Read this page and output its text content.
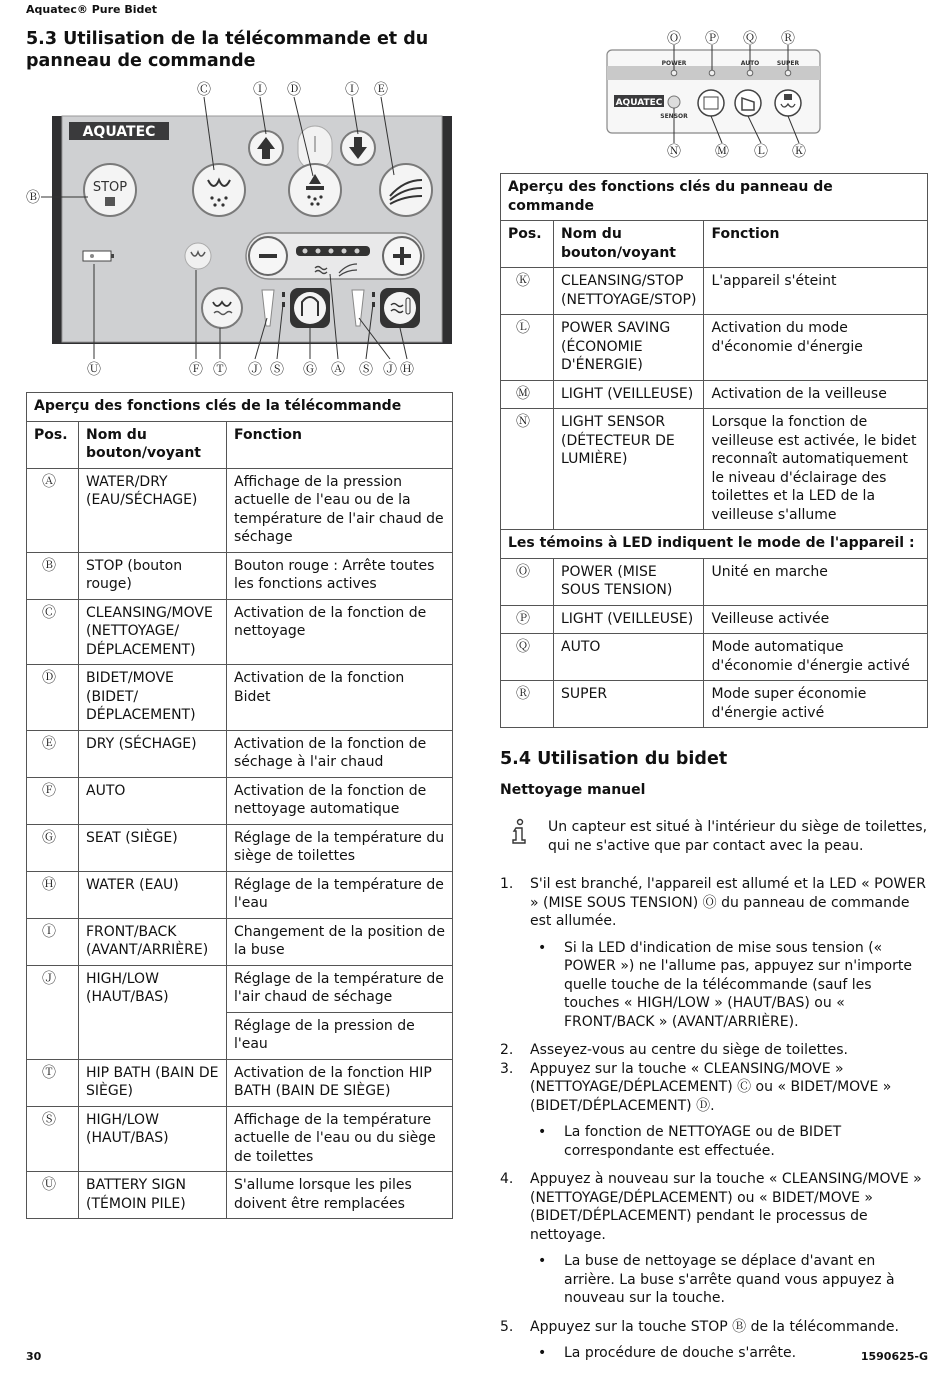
Aquatec® Pure Bidet
5.3 Utilisation de la télécommande et du panneau de commande
AQUATEC
STOP
Ⓒ	Ⓘ Ⓓ	Ⓘ Ⓔ
Ⓑ
Ⓤ	Ⓕ Ⓣ Ⓙ Ⓢ Ⓖ Ⓐ Ⓢ Ⓙ Ⓗ
AQUATEC
SENSOR
POWER	AUTO	SUPER
Ⓞ Ⓟ Ⓠ Ⓡ
Ⓝ Ⓜ Ⓛ Ⓚ
Aperçu des fonctions clés de la télécommande		
Pos.	Nom du bouton/voyant	Fonction
Ⓐ	WATER/DRY (EAU/SÉCHAGE)	Affichage de la pression actuelle de l'eau ou de la température de l'air chaud de séchage
Ⓑ	STOP (bouton rouge)	Bouton rouge : Arrête toutes les fonctions actives
Ⓒ	CLEANSING/MOVE (NETTOYAGE/ DÉPLACEMENT)	Activation de la fonction de nettoyage
Ⓓ	BIDET/MOVE (BIDET/ DÉPLACEMENT)	Activation de la fonction Bidet
Ⓔ	DRY (SÉCHAGE)	Activation de la fonction de séchage à l'air chaud
Ⓕ	AUTO	Activation de la fonction de nettoyage automatique
Ⓖ	SEAT (SIÈGE)	Réglage de la température du siège de toilettes
Ⓗ	WATER (EAU)	Réglage de la température de l'eau
Ⓘ	FRONT/BACK (AVANT/ARRIÈRE)	Changement de la position de la buse
Ⓙ	HIGH/LOW (HAUT/BAS)	Réglage de la température de l'air chaud de séchage
		Réglage de la pression de l'eau
Ⓣ	HIP BATH (BAIN DE SIÈGE)	Activation de la fonction HIP BATH (BAIN DE SIÈGE)
Ⓢ	HIGH/LOW (HAUT/BAS)	Affichage de la température actuelle de l'eau ou du siège de toilettes
Ⓤ	BATTERY SIGN (TÉMOIN PILE)	S'allume lorsque les piles doivent être remplacées
Aperçu des fonctions clés du panneau de commande		
Pos.	Nom du bouton/voyant	Fonction
Ⓚ	CLEANSING/STOP (NETTOYAGE/STOP)	L'appareil s'éteint
Ⓛ	POWER SAVING (ÉCONOMIE D'ÉNERGIE)	Activation du mode d'économie d'énergie
Ⓜ	LIGHT (VEILLEUSE)	Activation de la veilleuse
Ⓝ	LIGHT SENSOR (DÉTECTEUR DE LUMIÈRE)	Lorsque la fonction de veilleuse est activée, le bidet reconnaît automatiquement le niveau d'éclairage des toilettes et la LED de la veilleuse s'allume
Les témoins à LED indiquent le mode de l'appareil :		
Ⓞ	POWER (MISE SOUS TENSION)	Unité en marche
Ⓟ	LIGHT (VEILLEUSE)	Veilleuse activée
Ⓠ	AUTO	Mode automatique d'économie d'énergie activé
Ⓡ	SUPER	Mode super économie d'énergie activé
5.4 Utilisation du bidet

Nettoyage manuel

Un capteur est situé à l'intérieur du siège de toilettes, qui ne s'active que par contact avec la peau.
1. S'il est branché, l'appareil est allumé et la LED « POWER » (MISE SOUS TENSION) Ⓞ du panneau de commande est allumée.
• Si la LED d'indication de mise sous tension (« POWER ») ne l'allume pas, appuyez sur n'importe quelle touche de la télécommande (sauf les touches « HIGH/LOW » (HAUT/BAS) ou « FRONT/BACK » (AVANT/ARRIÈRE).
2. Asseyez-vous au centre du siège de toilettes.
3. Appuyez sur la touche « CLEANSING/MOVE » (NETTOYAGE/DÉPLACEMENT) Ⓒ ou « BIDET/MOVE » (BIDET/DÉPLACEMENT) Ⓓ.
• La fonction de NETTOYAGE ou de BIDET correspondante est effectuée.
4. Appuyez à nouveau sur la touche « CLEANSING/MOVE » (NETTOYAGE/DÉPLACEMENT) ou « BIDET/MOVE » (BIDET/DÉPLACEMENT) pendant le processus de nettoyage.
• La buse de nettoyage se déplace d'avant en arrière. La buse s'arrête quand vous appuyez à nouveau sur la touche.
5. Appuyez sur la touche STOP Ⓑ de la télécommande.
• La procédure de douche s'arrête.
30	1590625-G
